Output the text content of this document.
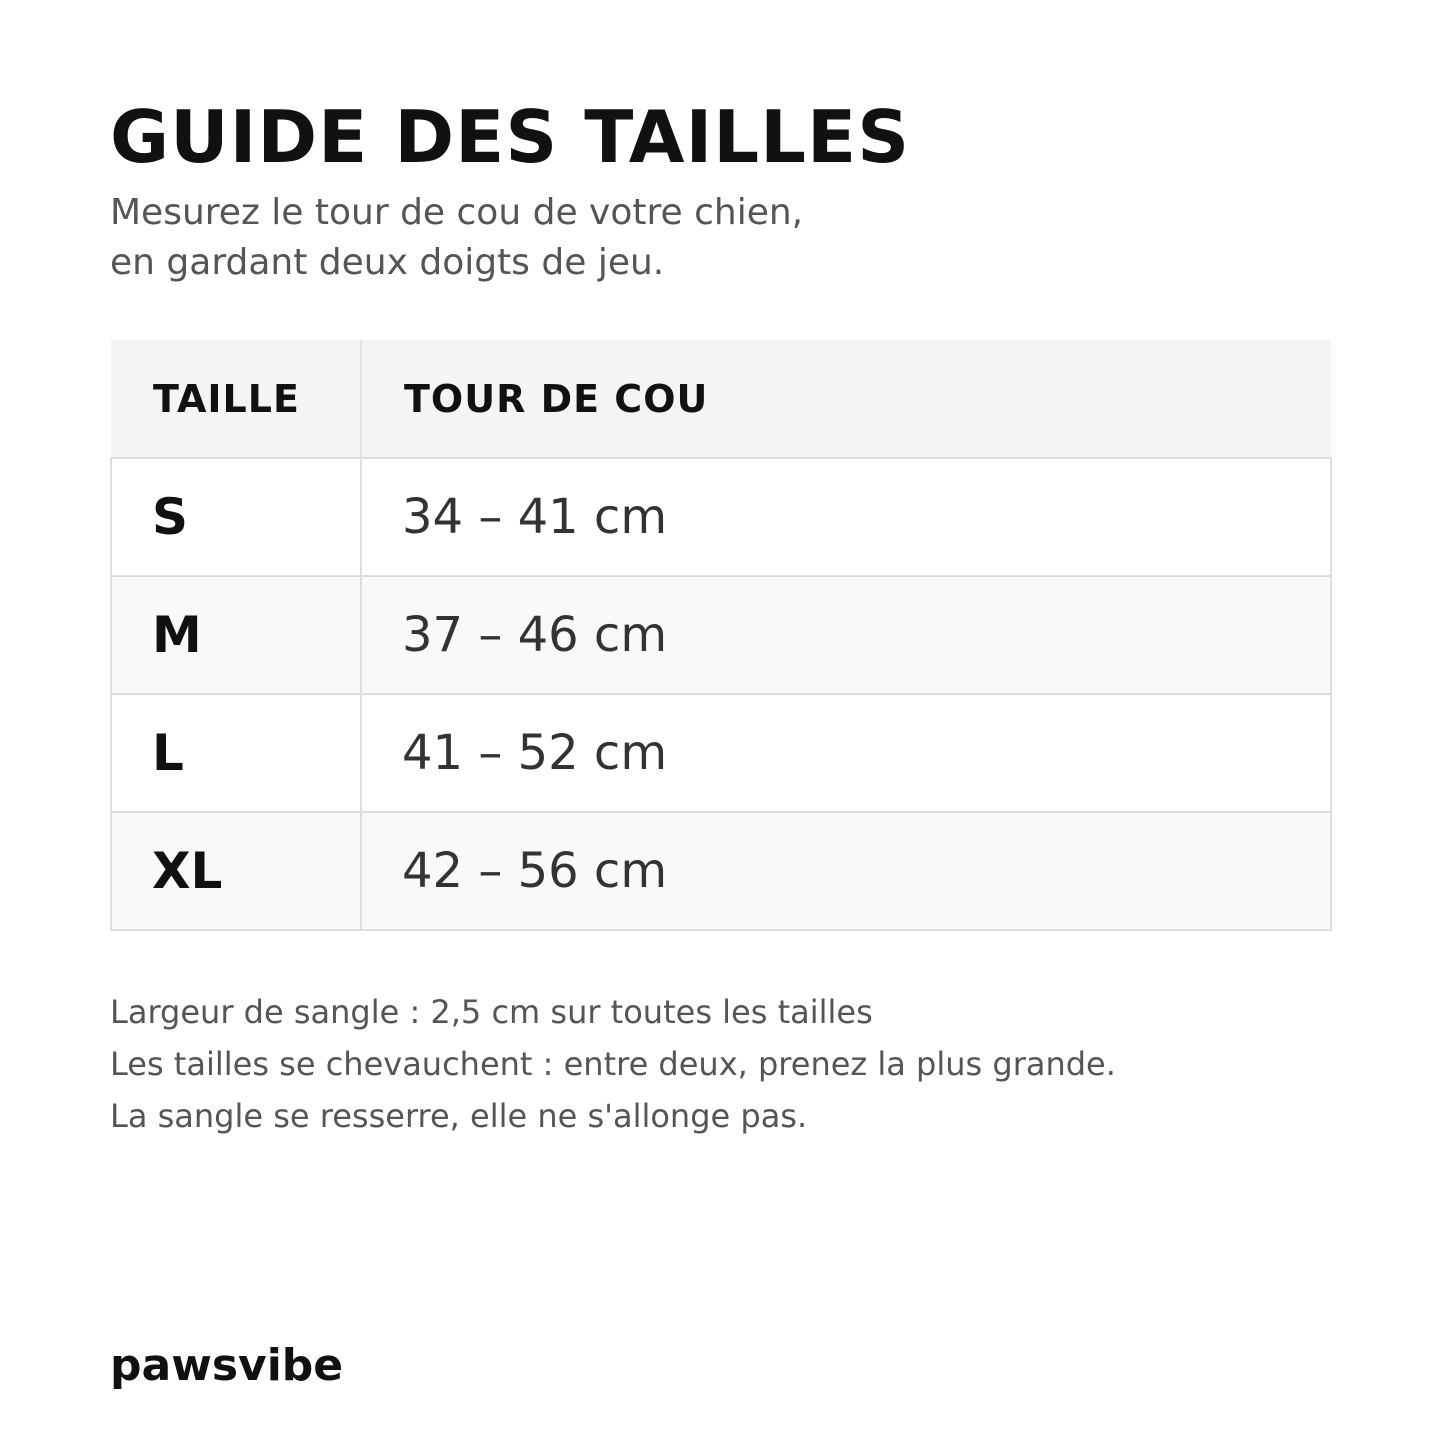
GUIDE DES TAILLES
Mesurez le tour de cou de votre chien,
en gardant deux doigts de jeu.
TAILLE	TOUR DE COU
S	34 – 41 cm
M	37 – 46 cm
L	41 – 52 cm
XL	42 – 56 cm
Largeur de sangle : 2,5 cm sur toutes les tailles
Les tailles se chevauchent : entre deux, prenez la plus grande.
La sangle se resserre, elle ne s'allonge pas.
pawsvibe
